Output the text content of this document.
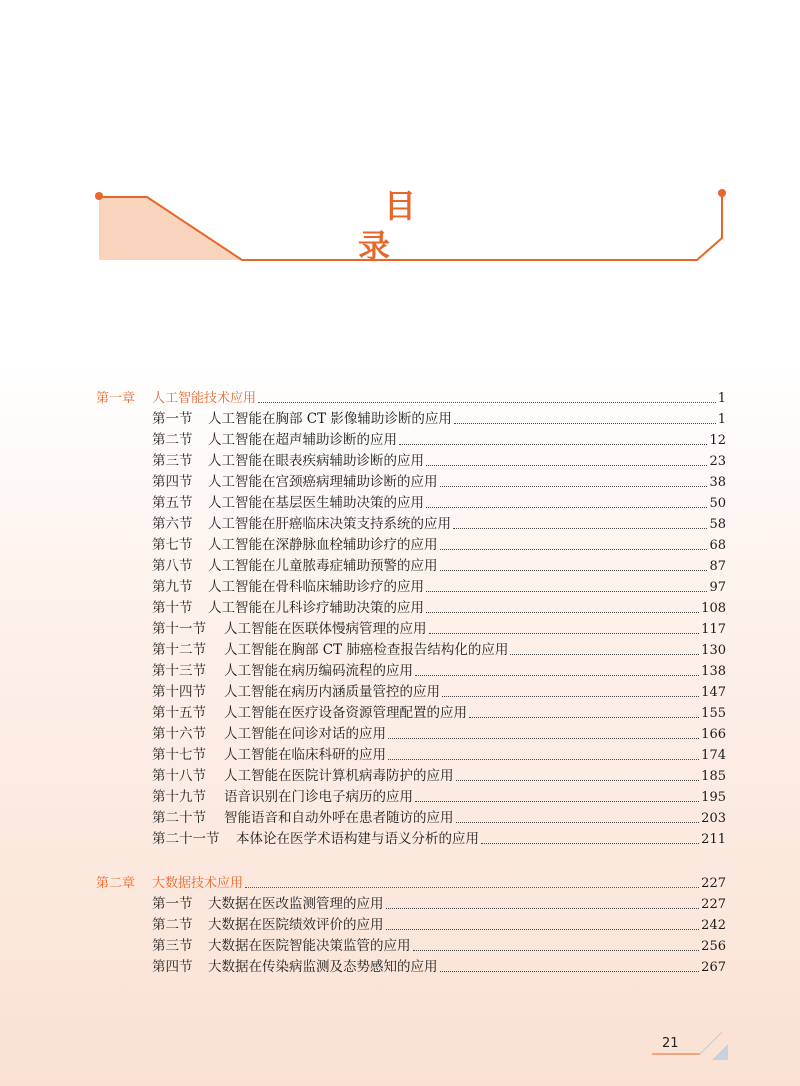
目 录
第一章	人工智能技术应用	1
第一节	人工智能在胸部 CT 影像辅助诊断的应用	1
第二节	人工智能在超声辅助诊断的应用	12
第三节	人工智能在眼表疾病辅助诊断的应用	23
第四节	人工智能在宫颈癌病理辅助诊断的应用	38
第五节	人工智能在基层医生辅助决策的应用	50
第六节	人工智能在肝癌临床决策支持系统的应用	58
第七节	人工智能在深静脉血栓辅助诊疗的应用	68
第八节	人工智能在儿童脓毒症辅助预警的应用	87
第九节	人工智能在骨科临床辅助诊疗的应用	97
第十节	人工智能在儿科诊疗辅助决策的应用	108
第十一节	人工智能在医联体慢病管理的应用	117
第十二节	人工智能在胸部 CT 肺癌检查报告结构化的应用	130
第十三节	人工智能在病历编码流程的应用	138
第十四节	人工智能在病历内涵质量管控的应用	147
第十五节	人工智能在医疗设备资源管理配置的应用	155
第十六节	人工智能在问诊对话的应用	166
第十七节	人工智能在临床科研的应用	174
第十八节	人工智能在医院计算机病毒防护的应用	185
第十九节	语音识别在门诊电子病历的应用	195
第二十节	智能语音和自动外呼在患者随访的应用	203
第二十一节	本体论在医学术语构建与语义分析的应用	211
第二章	大数据技术应用	227
第一节	大数据在医改监测管理的应用	227
第二节	大数据在医院绩效评价的应用	242
第三节	大数据在医院智能决策监管的应用	256
第四节	大数据在传染病监测及态势感知的应用	267
21
